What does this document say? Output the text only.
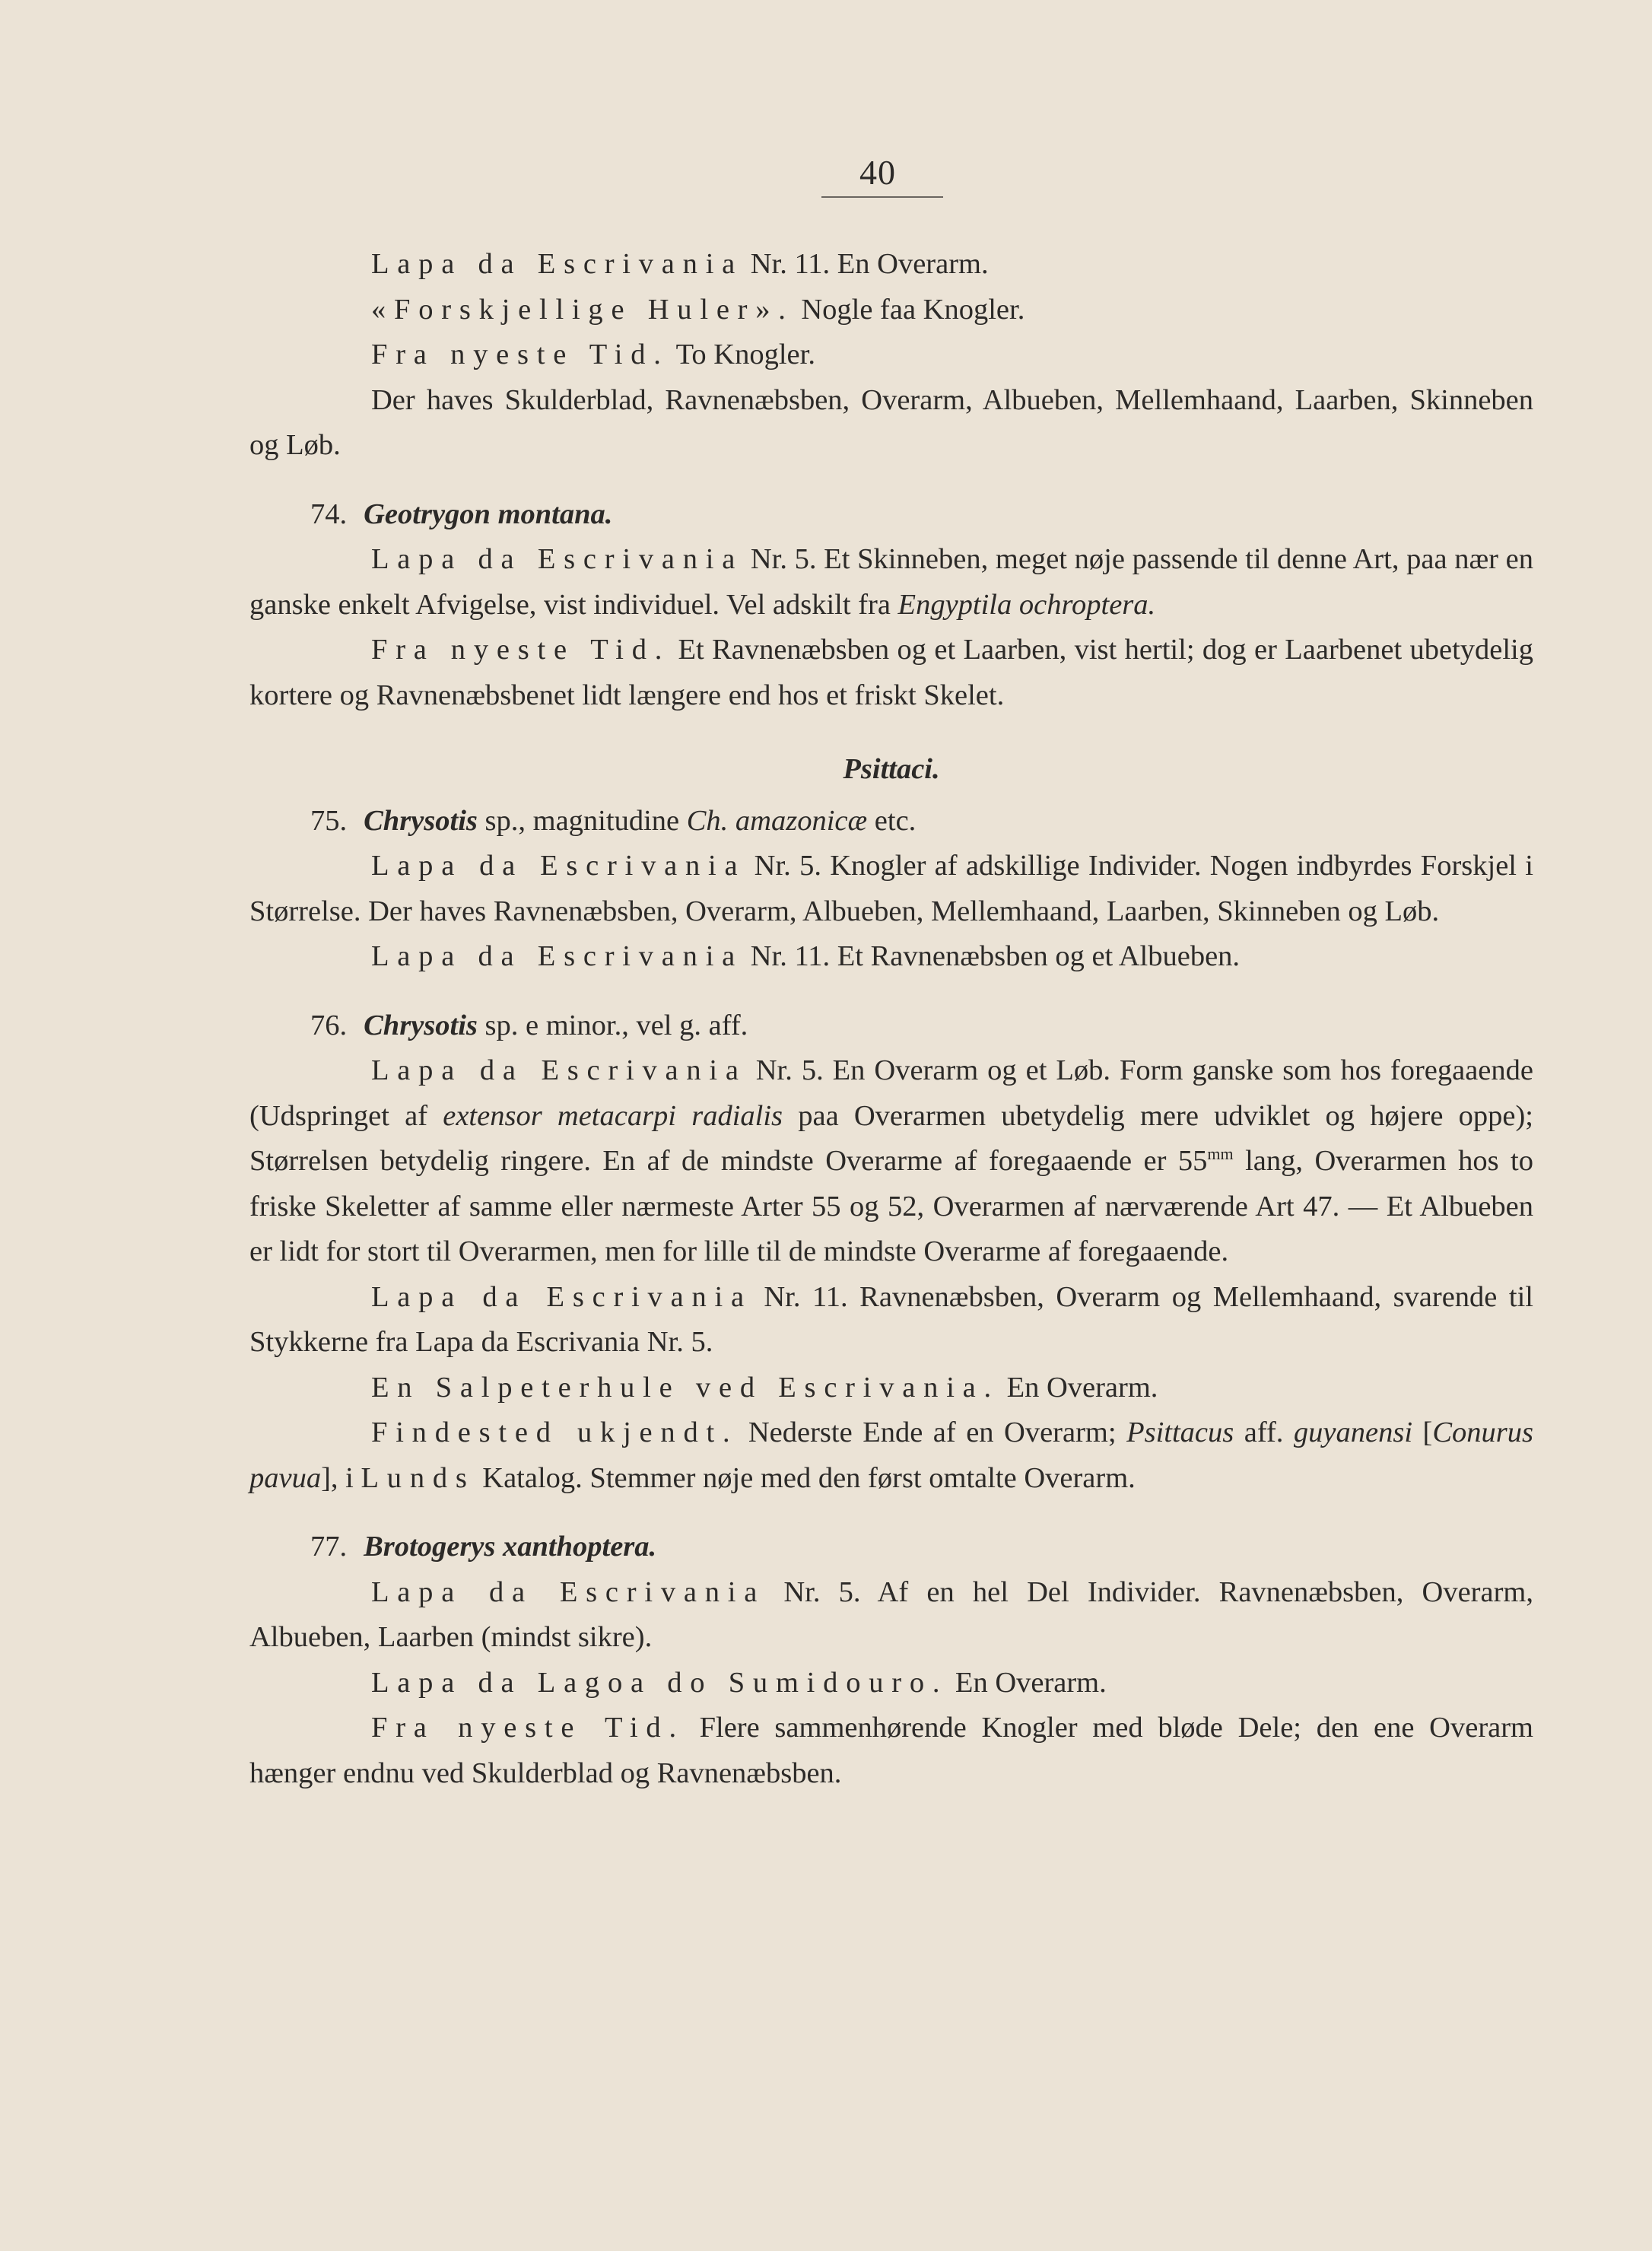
40

Lapa da Escrivania Nr. 11. En Overarm.

«Forskjellige Huler». Nogle faa Knogler.

Fra nyeste Tid. To Knogler.

Der haves Skulderblad, Ravnenæbsben, Overarm, Albueben, Mellemhaand, Laarben, Skinneben og Løb.

74. Geotrygon montana.

Lapa da Escrivania Nr. 5. Et Skinneben, meget nøje passende til denne Art, paa nær en ganske enkelt Afvigelse, vist individuel. Vel adskilt fra Engyptila ochroptera.

Fra nyeste Tid. Et Ravnenæbsben og et Laarben, vist hertil; dog er Laarbenet ubetydelig kortere og Ravnenæbsbenet lidt længere end hos et friskt Skelet.

Psittaci.

75. Chrysotis sp., magnitudine Ch. amazonicæ etc.

Lapa da Escrivania Nr. 5. Knogler af adskillige Individer. Nogen indbyrdes Forskjel i Størrelse. Der haves Ravnenæbsben, Overarm, Albueben, Mellemhaand, Laarben, Skinneben og Løb.

Lapa da Escrivania Nr. 11. Et Ravnenæbsben og et Albueben.

76. Chrysotis sp. e minor., vel g. aff.

Lapa da Escrivania Nr. 5. En Overarm og et Løb. Form ganske som hos foregaaende (Udspringet af extensor metacarpi radialis paa Overarmen ubetydelig mere udviklet og højere oppe); Størrelsen betydelig ringere. En af de mindste Overarme af foregaaende er $55^{mm}$ lang, Overarmen hos to friske Skeletter af samme eller nærmeste Arter 55 og 52, Overarmen af nærværende Art 47. — Et Albueben er lidt for stort til Overarmen, men for lille til de mindste Overarme af foregaaende.

Lapa da Escrivania Nr. 11. Ravnenæbsben, Overarm og Mellemhaand, svarende til Stykkerne fra Lapa da Escrivania Nr. 5.

En Salpeterhule ved Escrivania. En Overarm.

Findested ukjendt. Nederste Ende af en Overarm; Psittacus aff. guyanensi [Conurus pavua], i Lunds Katalog. Stemmer nøje med den først omtalte Overarm.

77. Brotogerys xanthoptera.

Lapa da Escrivania Nr. 5. Af en hel Del Individer. Ravnenæbsben, Overarm, Albueben, Laarben (mindst sikre).

Lapa da Lagoa do Sumidouro. En Overarm.

Fra nyeste Tid. Flere sammenhørende Knogler med bløde Dele; den ene Overarm hænger endnu ved Skulderblad og Ravnenæbsben.
